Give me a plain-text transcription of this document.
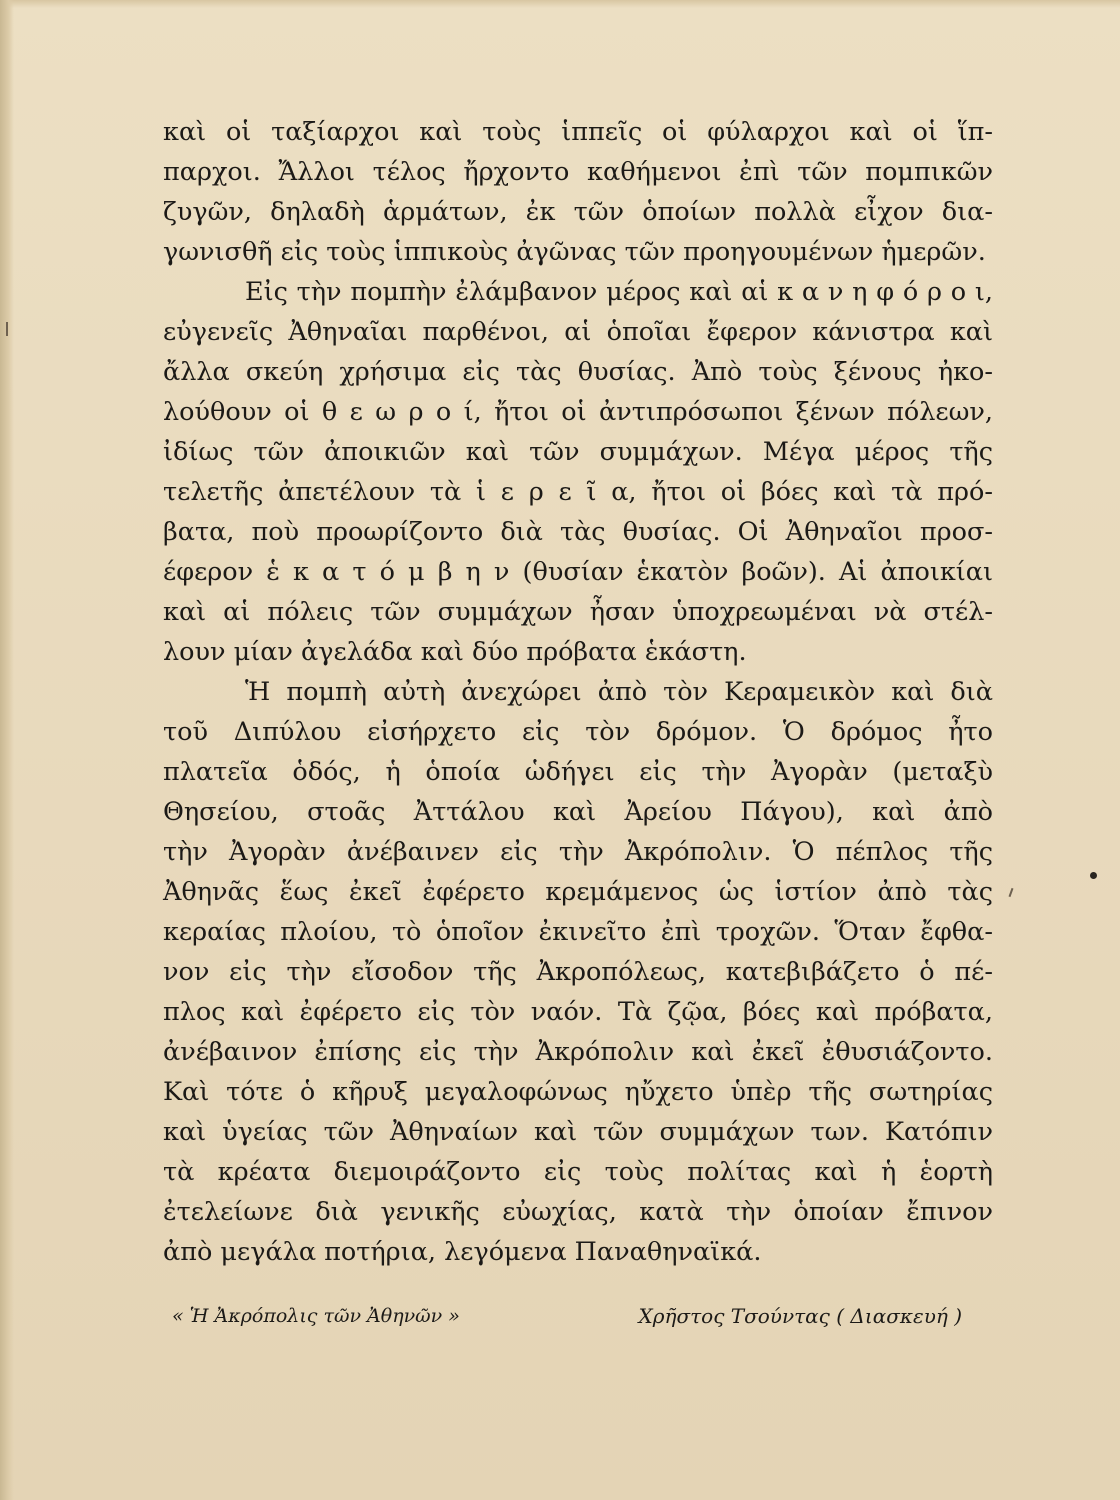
καὶ οἱ ταξίαρχοι καὶ τοὺς ἱππεῖς οἱ φύλαρχοι καὶ οἱ ἵπ-
παρχοι. Ἄλλοι τέλος ἤρχοντο καθήμενοι ἐπὶ τῶν πομπικῶν
ζυγῶν, δηλαδὴ ἁρμάτων, ἐκ τῶν ὁποίων πολλὰ εἶχον δια-
γωνισθῆ εἰς τοὺς ἱππικοὺς ἀγῶνας τῶν προηγουμένων ἡμερῶν.
Εἰς τὴν πομπὴν ἐλάμβανον μέρος καὶ αἱ κ α ν η φ ό ρ ο ι,
εὐγενεῖς Ἀθηναῖαι παρθένοι, αἱ ὁποῖαι ἔφερον κάνιστρα καὶ
ἄλλα σκεύη χρήσιμα εἰς τὰς θυσίας. Ἀπὸ τοὺς ξένους ἠκο-
λούθουν οἱ θ ε ω ρ ο ί, ἤτοι οἱ ἀντιπρόσωποι ξένων πόλεων,
ἰδίως τῶν ἀποικιῶν καὶ τῶν συμμάχων. Μέγα μέρος τῆς
τελετῆς ἀπετέλουν τὰ ἱ ε ρ ε ῖ α, ἤτοι οἱ βόες καὶ τὰ πρό-
βατα, ποὺ προωρίζοντο διὰ τὰς θυσίας. Οἱ Ἀθηναῖοι προσ-
έφερον ἑ κ α τ ό μ β η ν (θυσίαν ἑκατὸν βοῶν). Αἱ ἀποικίαι
καὶ αἱ πόλεις τῶν συμμάχων ἦσαν ὑποχρεωμέναι νὰ στέλ-
λουν μίαν ἀγελάδα καὶ δύο πρόβατα ἑκάστη.
Ἡ πομπὴ αὐτὴ ἀνεχώρει ἀπὸ τὸν Κεραμεικὸν καὶ διὰ
τοῦ Διπύλου εἰσήρχετο εἰς τὸν δρόμον. Ὁ δρόμος ἦτο
πλατεῖα ὁδός, ἡ ὁποία ὡδήγει εἰς τὴν Ἀγορὰν (μεταξὺ
Θησείου, στοᾶς Ἀττάλου καὶ Ἀρείου Πάγου), καὶ ἀπὸ
τὴν Ἀγορὰν ἀνέβαινεν εἰς τὴν Ἀκρόπολιν. Ὁ πέπλος τῆς
Ἀθηνᾶς ἕως ἐκεῖ ἐφέρετο κρεμάμενος ὡς ἱστίον ἀπὸ τὰς
κεραίας πλοίου, τὸ ὁποῖον ἐκινεῖτο ἐπὶ τροχῶν. Ὅταν ἔφθα-
νον εἰς τὴν εἴσοδον τῆς Ἀκροπόλεως, κατεβιβάζετο ὁ πέ-
πλος καὶ ἐφέρετο εἰς τὸν ναόν. Τὰ ζῷα, βόες καὶ πρόβατα,
ἀνέβαινον ἐπίσης εἰς τὴν Ἀκρόπολιν καὶ ἐκεῖ ἐθυσιάζοντο.
Καὶ τότε ὁ κῆρυξ μεγαλοφώνως ηὔχετο ὑπὲρ τῆς σωτηρίας
καὶ ὑγείας τῶν Ἀθηναίων καὶ τῶν συμμάχων των. Κατόπιν
τὰ κρέατα διεμοιράζοντο εἰς τοὺς πολίτας καὶ ἡ ἑορτὴ
ἐτελείωνε διὰ γενικῆς εὐωχίας, κατὰ τὴν ὁποίαν ἔπινον
ἀπὸ μεγάλα ποτήρια, λεγόμενα Παναθηναϊκά.
« Ἡ Ἀκρόπολις τῶν Ἀθηνῶν »	Χρῆστος Τσούντας ( Διασκευή )
